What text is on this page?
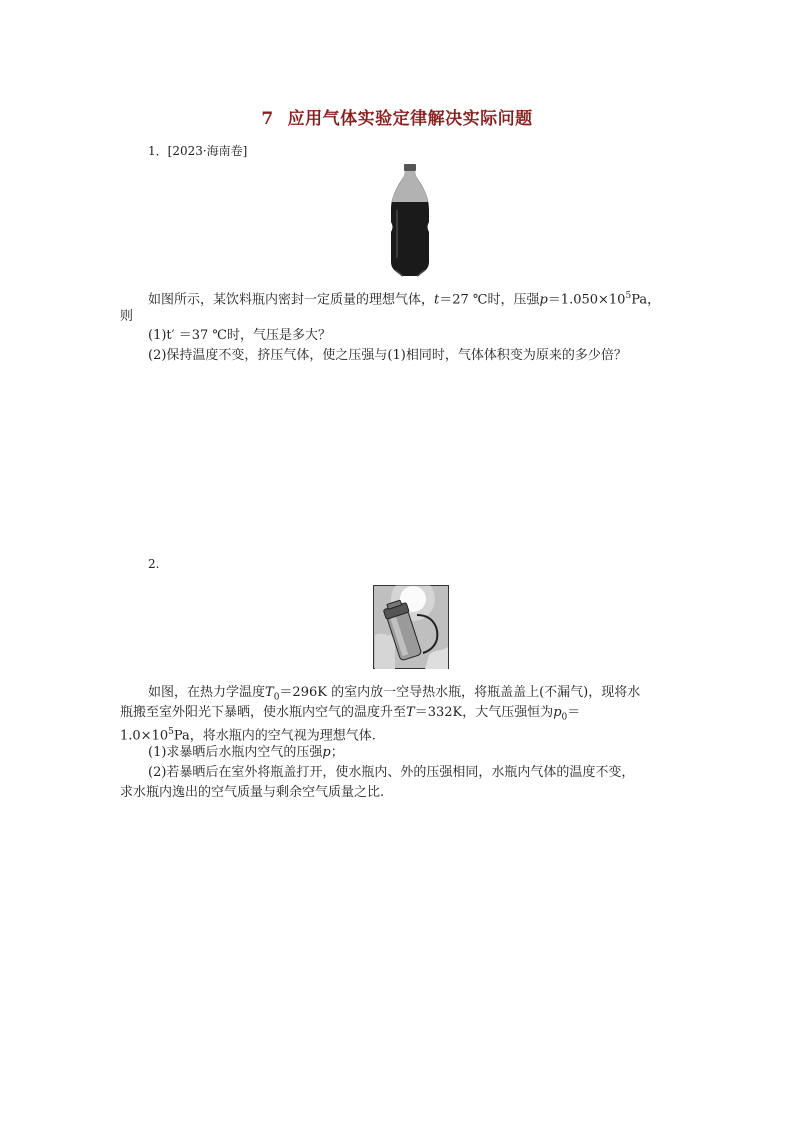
7 应用气体实验定律解决实际问题
1．[2023·海南卷]
如图所示，某饮料瓶内密封一定质量的理想气体，t＝27 ℃时，压强$p=1.050\times 10^5Pa$，
则
(1)t′ ＝37 ℃时，气压是多大？
(2)保持温度不变，挤压气体，使之压强与(1)相同时，气体体积变为原来的多少倍？
2.
如图，在热力学温度$T_0=296K$ 的室内放一空导热水瓶，将瓶盖盖上(不漏气)，现将水
瓶搬至室外阳光下暴晒，使水瓶内空气的温度升至T＝332K，大气压强恒为$p_0=$
$1.0\times 10^5Pa$，将水瓶内的空气视为理想气体.
(1)求暴晒后水瓶内空气的压强p；
(2)若暴晒后在室外将瓶盖打开，使水瓶内、外的压强相同，水瓶内气体的温度不变，
求水瓶内逸出的空气质量与剩余空气质量之比.
